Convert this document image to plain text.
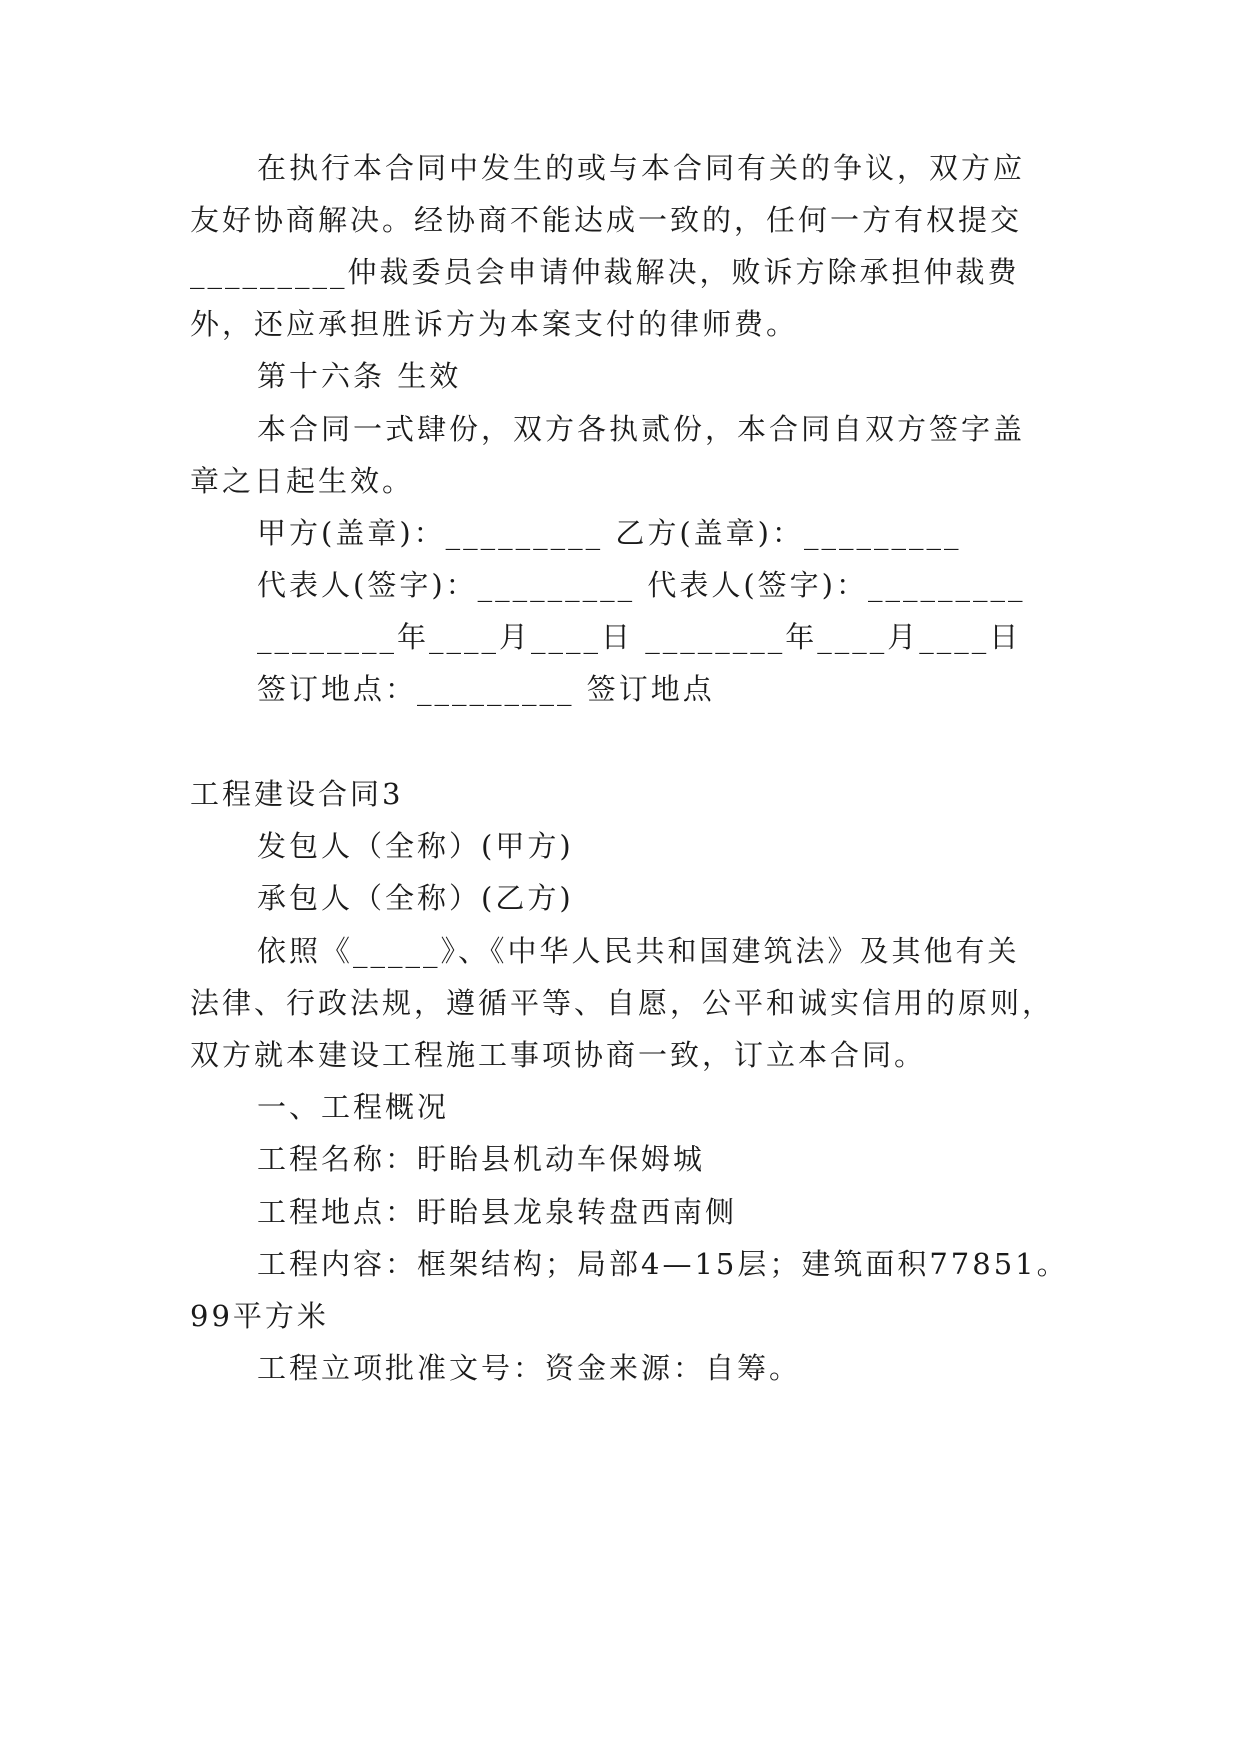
在执行本合同中发生的或与本合同有关的争议，双方应
友好协商解决。经协商不能达成一致的，任何一方有权提交
_________仲裁委员会申请仲裁解决，败诉方除承担仲裁费
外，还应承担胜诉方为本案支付的律师费。
第十六条 生效
本合同一式肆份，双方各执贰份，本合同自双方签字盖
章之日起生效。
甲方(盖章)：_________ 乙方(盖章)：_________
代表人(签字)：_________ 代表人(签字)：_________
________年____月____日 ________年____月____日
签订地点：_________ 签订地点
工程建设合同3
发包人（全称）(甲方)
承包人（全称）(乙方)
依照《_____》、《中华人民共和国建筑法》及其他有关
法律、行政法规，遵循平等、自愿，公平和诚实信用的原则，
双方就本建设工程施工事项协商一致，订立本合同。
一、工程概况
工程名称：盱眙县机动车保姆城
工程地点：盱眙县龙泉转盘西南侧
工程内容：框架结构；局部4—15层；建筑面积77851。
99平方米
工程立项批准文号：资金来源：自筹。
